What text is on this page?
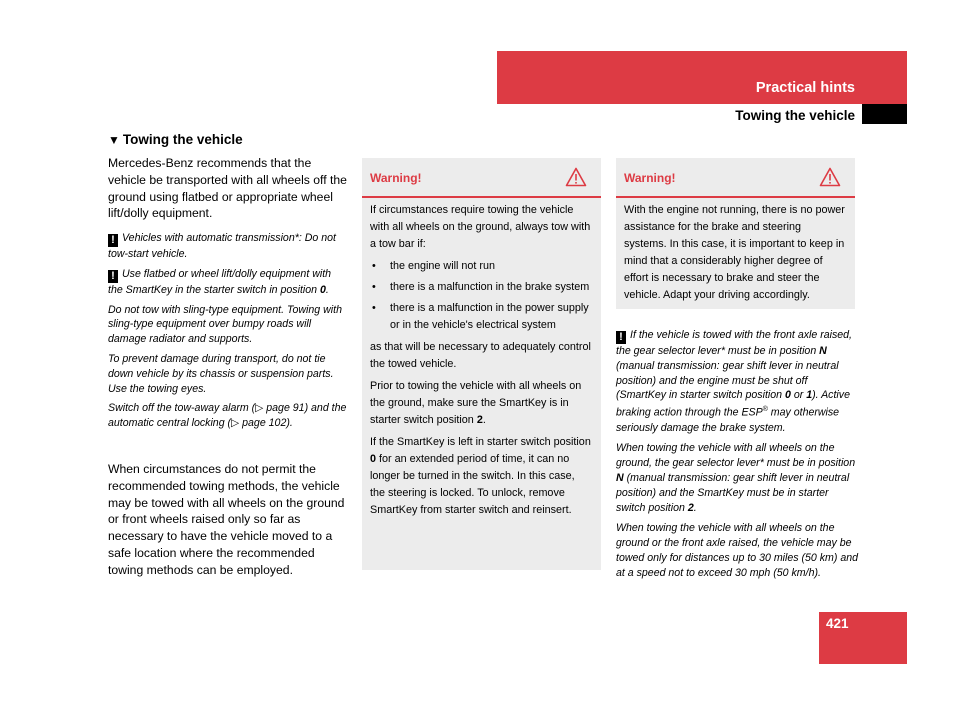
Practical hints
Towing the vehicle
▼ Towing the vehicle
Mercedes-Benz recommends that the vehicle be transported with all wheels off the ground using flatbed or appropriate wheel lift/dolly equipment.

! Vehicles with automatic transmission*: Do not tow-start vehicle.

! Use flatbed or wheel lift/dolly equipment with the SmartKey in the starter switch in position 0.

Do not tow with sling-type equipment. Towing with sling-type equipment over bumpy roads will damage radiator and supports.

To prevent damage during transport, do not tie down vehicle by its chassis or suspension parts. Use the towing eyes.

Switch off the tow-away alarm (▷ page 91) and the automatic central locking (▷ page 102).

When circumstances do not permit the recommended towing methods, the vehicle may be towed with all wheels on the ground or front wheels raised only so far as necessary to have the vehicle moved to a safe location where the recommended towing methods can be employed.
Warning!

If circumstances require towing the vehicle with all wheels on the ground, always tow with a tow bar if:

• the engine will not run
• there is a malfunction in the brake system
• there is a malfunction in the power supply or in the vehicle's electrical system

as that will be necessary to adequately control the towed vehicle.

Prior to towing the vehicle with all wheels on the ground, make sure the SmartKey is in starter switch position 2.

If the SmartKey is left in starter switch position 0 for an extended period of time, it can no longer be turned in the switch. In this case, the steering is locked. To unlock, remove SmartKey from starter switch and reinsert.

Warning!

With the engine not running, there is no power assistance for the brake and steering systems. In this case, it is important to keep in mind that a considerably higher degree of effort is necessary to brake and steer the vehicle. Adapt your driving accordingly.

! If the vehicle is towed with the front axle raised, the gear selector lever* must be in position N (manual transmission: gear shift lever in neutral position) and the engine must be shut off (SmartKey in starter switch position 0 or 1). Active braking action through the ESP® may otherwise seriously damage the brake system.

When towing the vehicle with all wheels on the ground, the gear selector lever* must be in position N (manual transmission: gear shift lever in neutral position) and the SmartKey must be in starter switch position 2.

When towing the vehicle with all wheels on the ground or the front axle raised, the vehicle may be towed only for distances up to 30 miles (50 km) and at a speed not to exceed 30 mph (50 km/h).

421
